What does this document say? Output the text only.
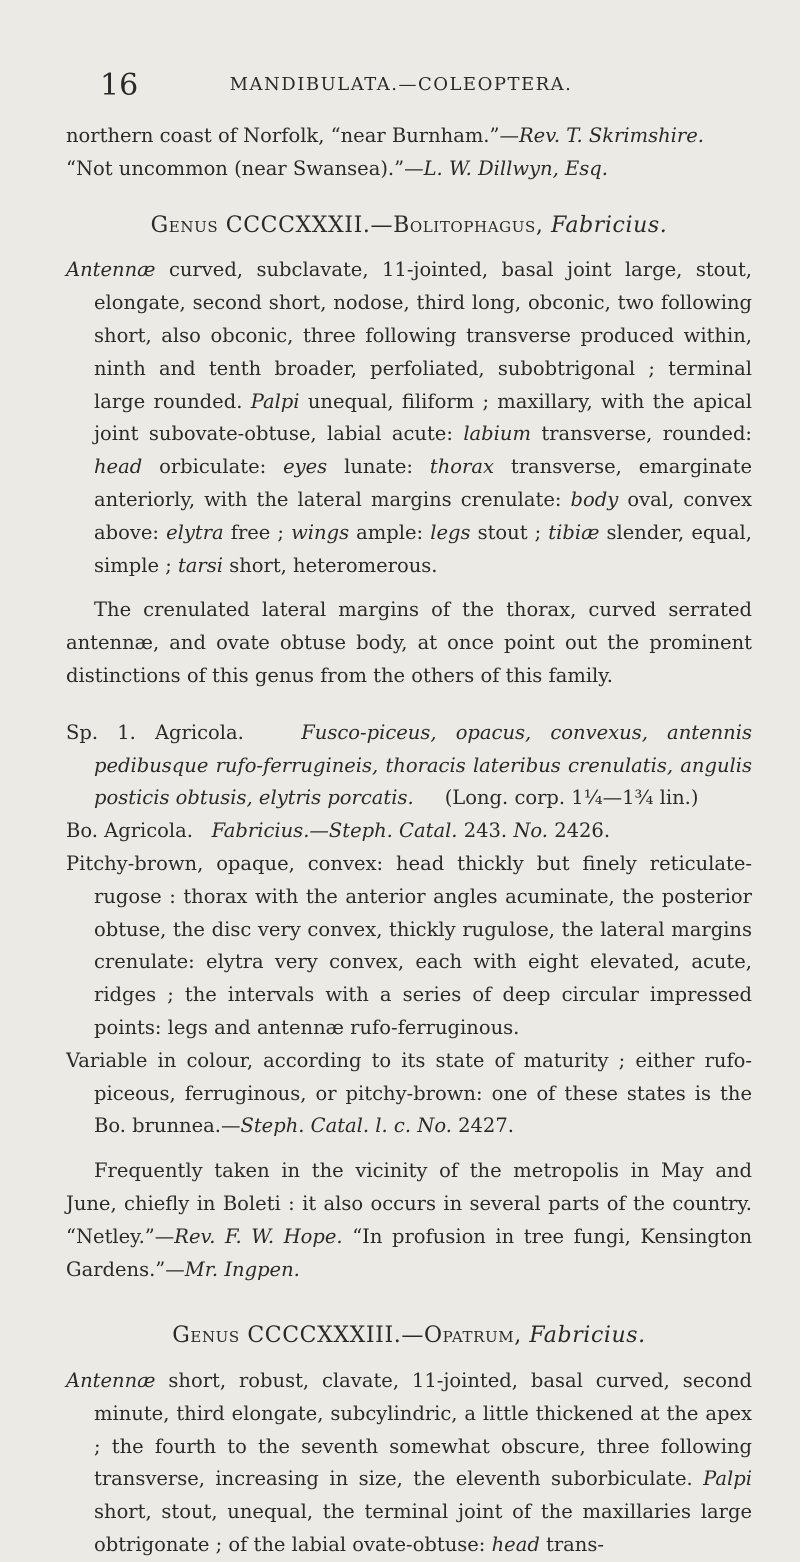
16	MANDIBULATA.—COLEOPTERA.

northern coast of Norfolk, “near Burnham.”—Rev. T. Skrimshire.
“Not uncommon (near Swansea).”—L. W. Dillwyn, Esq.

Genus CCCCXXXII.—Bolitophagus, Fabricius.

Antennæ curved, subclavate, 11-jointed, basal joint large, stout, elongate, second short, nodose, third long, obconic, two following short, also obconic, three following transverse produced within, ninth and tenth broader, perfoliated, subobtrigonal ; terminal large rounded. Palpi unequal, filiform ; maxillary, with the apical joint subovate-obtuse, labial acute: labium transverse, rounded: head orbiculate: eyes lunate: thorax transverse, emarginate anteriorly, with the lateral margins crenulate: body oval, convex above: elytra free ; wings ample: legs stout ; tibiæ slender, equal, simple ; tarsi short, heteromerous.

The crenulated lateral margins of the thorax, curved serrated antennæ, and ovate obtuse body, at once point out the prominent distinctions of this genus from the others of this family.

Sp. 1. Agricola.	Fusco-piceus, opacus, convexus, antennis pedibusque rufo-ferrugineis, thoracis lateribus crenulatis, angulis posticis obtusis, elytris porcatis. (Long. corp. 1¼—1¾ lin.)

Bo. Agricola. Fabricius.—Steph. Catal. 243. No. 2426.

Pitchy-brown, opaque, convex: head thickly but finely reticulate-rugose : thorax with the anterior angles acuminate, the posterior obtuse, the disc very convex, thickly rugulose, the lateral margins crenulate: elytra very convex, each with eight elevated, acute, ridges ; the intervals with a series of deep circular impressed points: legs and antennæ rufo-ferruginous.

Variable in colour, according to its state of maturity ; either rufo-piceous, ferruginous, or pitchy-brown: one of these states is the Bo. brunnea.—Steph. Catal. l. c. No. 2427.

Frequently taken in the vicinity of the metropolis in May and June, chiefly in Boleti : it also occurs in several parts of the country. “Netley.”—Rev. F. W. Hope. “In profusion in tree fungi, Kensington Gardens.”—Mr. Ingpen.

Genus CCCCXXXIII.—Opatrum, Fabricius.

Antennæ short, robust, clavate, 11-jointed, basal curved, second minute, third elongate, subcylindric, a little thickened at the apex ; the fourth to the seventh somewhat obscure, three following transverse, increasing in size, the eleventh suborbiculate. Palpi short, stout, unequal, the terminal joint of the maxillaries large obtrigonate ; of the labial ovate-obtuse: head trans-
